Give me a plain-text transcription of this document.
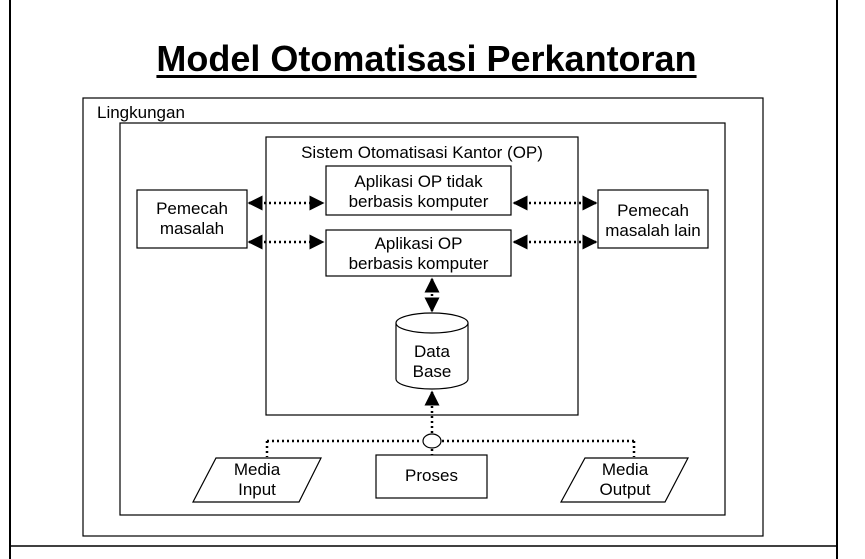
Model Otomatisasi Perkantoran
Lingkungan
Sistem Otomatisasi Kantor (OP)
Aplikasi OP tidak
berbasis komputer
Aplikasi OP
berbasis komputer
Pemecah
masalah
Pemecah
masalah lain
Data
Base
Media
Input
Proses	Media
Output
